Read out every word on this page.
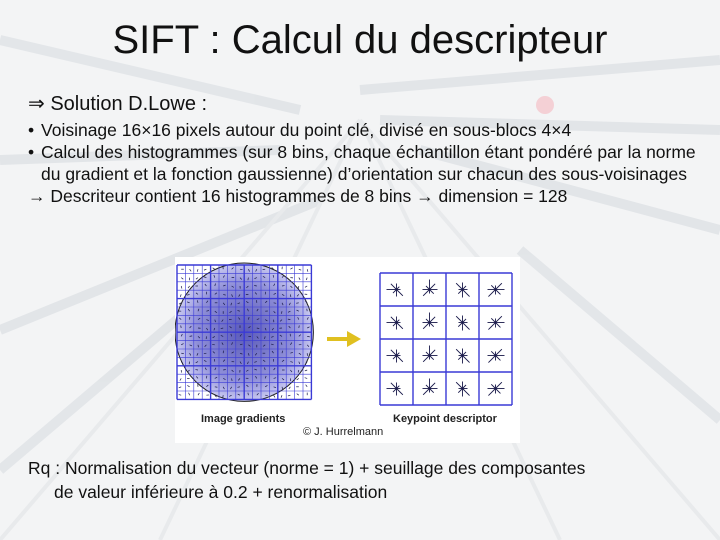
SIFT : Calcul du descripteur
⇒ Solution D.Lowe :
• Voisinage 16×16 pixels autour du point clé, divisé en sous-blocs 4×4
• Calcul des histogrammes (sur 8 bins, chaque échantillon étant pondéré par la norme du gradient et la fonction gaussienne) d’orientation sur chacun des sous-voisinages
→ Descriteur contient 16 histogrammes de 8 bins → dimension = 128
Image gradients	Keypoint descriptor
© J. Hurrelmann
Rq : Normalisation du vecteur (norme = 1) + seuillage des composantes
de valeur inférieure à 0.2 + renormalisation
